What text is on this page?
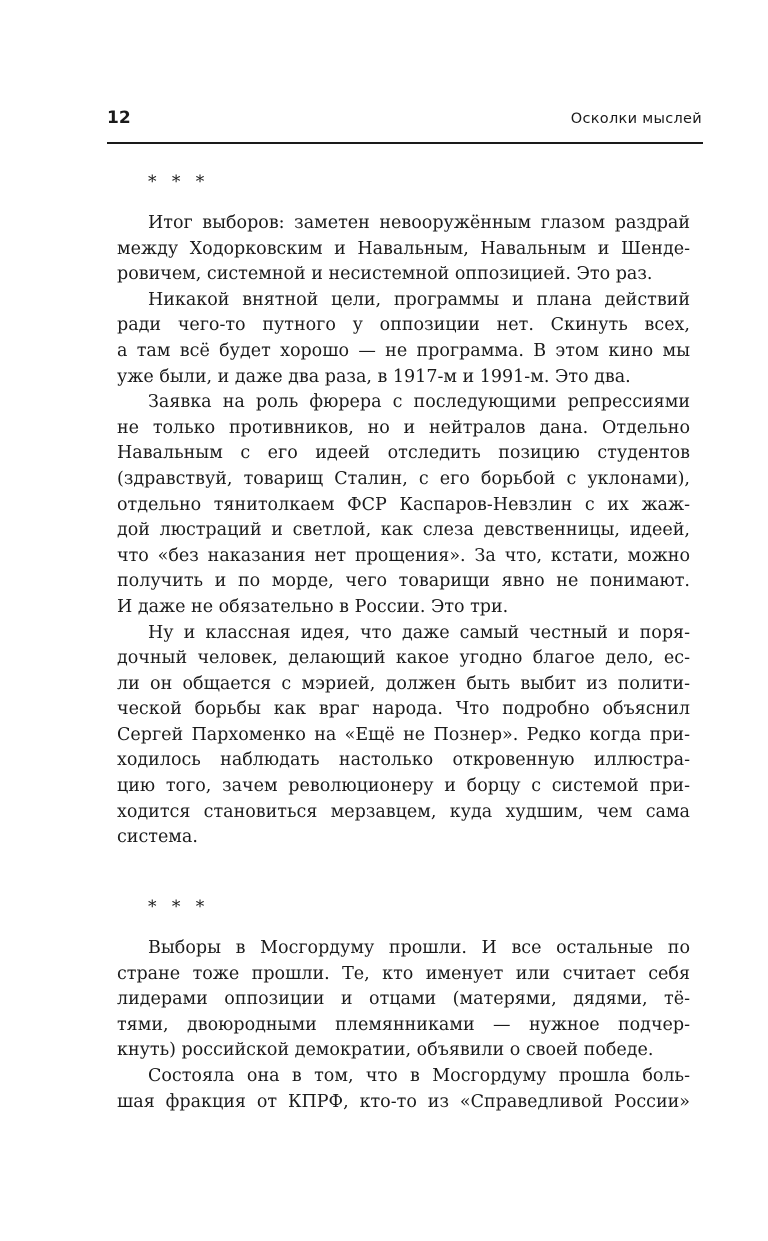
12	Осколки мыслей
* * *
Итог выборов: заметен невооружённым глазом раздрай
между Ходорковским и Навальным, Навальным и Шенде-
ровичем, системной и несистемной оппозицией. Это раз.
Никакой внятной цели, программы и плана действий
ради чего-то путного у оппозиции нет. Скинуть всех,
а там всё будет хорошо — не программа. В этом кино мы
уже были, и даже два раза, в 1917-м и 1991-м. Это два.
Заявка на роль фюрера с последующими репрессиями
не только противников, но и нейтралов дана. Отдельно
Навальным с его идеей отследить позицию студентов
(здравствуй, товарищ Сталин, с его борьбой с уклонами),
отдельно тянитолкаем ФСР Каспаров-Невзлин с их жаж-
дой люстраций и светлой, как слеза девственницы, идеей,
что «без наказания нет прощения». За что, кстати, можно
получить и по морде, чего товарищи явно не понимают.
И даже не обязательно в России. Это три.
Ну и классная идея, что даже самый честный и поря-
дочный человек, делающий какое угодно благое дело, ес-
ли он общается с мэрией, должен быть выбит из полити-
ческой борьбы как враг народа. Что подробно объяснил
Сергей Пархоменко на «Ещё не Познер». Редко когда при-
ходилось наблюдать настолько откровенную иллюстра-
цию того, зачем революционеру и борцу с системой при-
ходится становиться мерзавцем, куда худшим, чем сама
система.
* * *
Выборы в Мосгордуму прошли. И все остальные по
стране тоже прошли. Те, кто именует или считает себя
лидерами оппозиции и отцами (матерями, дядями, тё-
тями, двоюродными племянниками — нужное подчер-
кнуть) российской демократии, объявили о своей победе.
Состояла она в том, что в Мосгордуму прошла боль-
шая фракция от КПРФ, кто-то из «Справедливой России»
